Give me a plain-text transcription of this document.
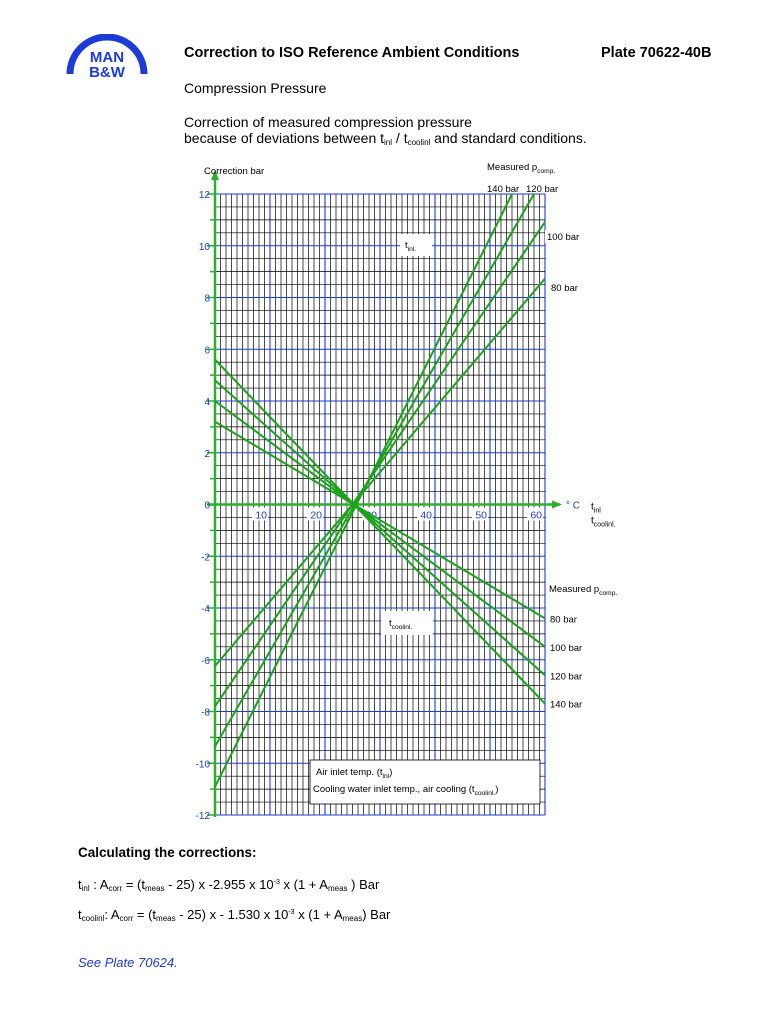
MAN
B&W
Correction to ISO Reference Ambient Conditions	Plate 70622-40B
Compression Pressure
Correction of measured compression pressure
because of deviations between $t_{inl} / t_{coolinl}$ and standard conditions.
12
10
8
6
4
2
0
-2
-4
-6
-8
-10
-12
10	20	30	40	50	60
Correction bar
° C $t_{inl}$
$t_{coolinl.}$
Measured $p_{comp.}$
140 bar 120 bar
100 bar
80 bar
$t_{inl.}$
Measured $p_{comp.}$
80 bar
100 bar
120 bar
140 bar
$t_{coolinl.}$
Air inlet temp. $(t_{inl})$
Cooling water inlet temp., air cooling $(t_{coolinl.})$
Calculating the corrections:
$t_{inl}$ : $A_{corr} = (t_{meas} - 25)$ x -2.955 x $10^{-3}$ x ($1 + A_{meas}$ ) Bar
$t_{coolinl}$: $A_{corr} = (t_{meas} - 25)$ x - 1.530 x $10^{-3}$ x $(1 + A_{meas})$ Bar
See Plate 70624.
